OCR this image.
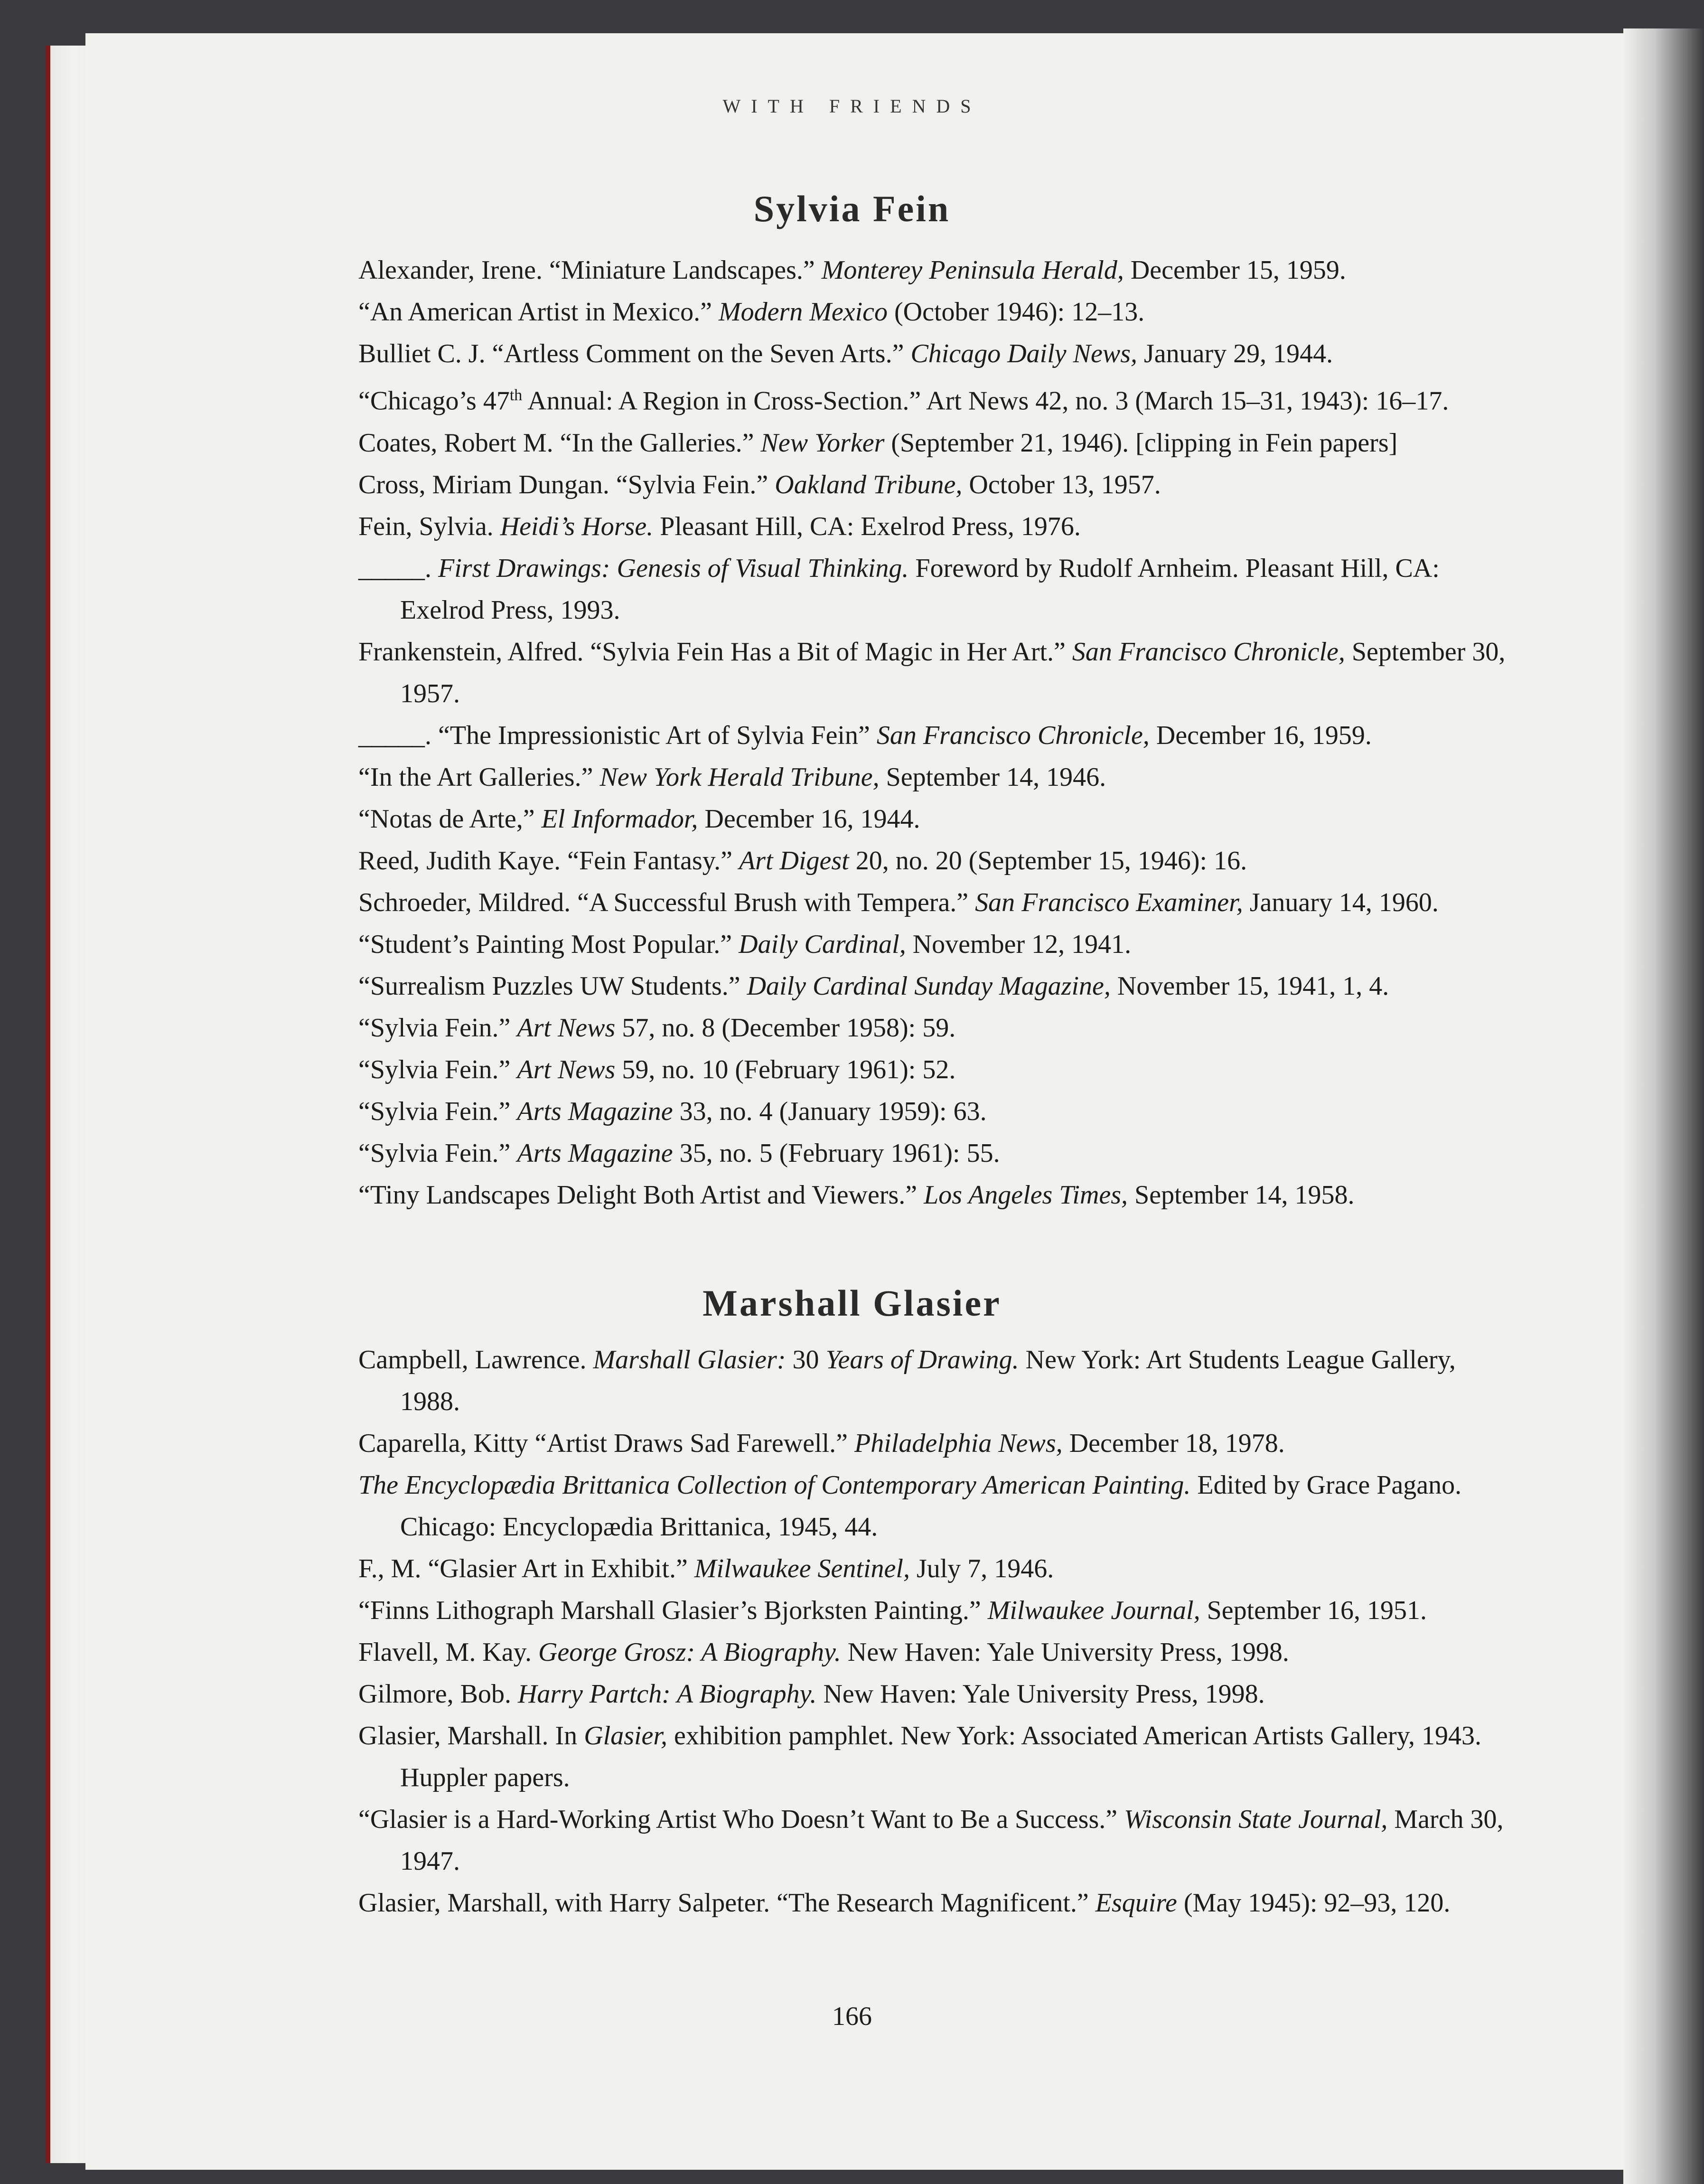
WITH FRIENDS
Sylvia Fein
Alexander, Irene. “Miniature Landscapes.” Monterey Peninsula Herald, December 15, 1959.
“An American Artist in Mexico.” Modern Mexico (October 1946): 12–13.
Bulliet C. J. “Artless Comment on the Seven Arts.” Chicago Daily News, January 29, 1944.
“Chicago’s 47th Annual: A Region in Cross-Section.” Art News 42, no. 3 (March 15–31, 1943): 16–17.
Coates, Robert M. “In the Galleries.” New Yorker (September 21, 1946). [clipping in Fein papers]
Cross, Miriam Dungan. “Sylvia Fein.” Oakland Tribune, October 13, 1957.
Fein, Sylvia. Heidi’s Horse. Pleasant Hill, CA: Exelrod Press, 1976.
_____. First Drawings: Genesis of Visual Thinking. Foreword by Rudolf Arnheim. Pleasant Hill, CA: Exelrod Press, 1993.
Frankenstein, Alfred. “Sylvia Fein Has a Bit of Magic in Her Art.” San Francisco Chronicle, September 30, 1957.
_____. “The Impressionistic Art of Sylvia Fein” San Francisco Chronicle, December 16, 1959.
“In the Art Galleries.” New York Herald Tribune, September 14, 1946.
“Notas de Arte,” El Informador, December 16, 1944.
Reed, Judith Kaye. “Fein Fantasy.” Art Digest 20, no. 20 (September 15, 1946): 16.
Schroeder, Mildred. “A Successful Brush with Tempera.” San Francisco Examiner, January 14, 1960.
“Student’s Painting Most Popular.” Daily Cardinal, November 12, 1941.
“Surrealism Puzzles UW Students.” Daily Cardinal Sunday Magazine, November 15, 1941, 1, 4.
“Sylvia Fein.” Art News 57, no. 8 (December 1958): 59.
“Sylvia Fein.” Art News 59, no. 10 (February 1961): 52.
“Sylvia Fein.” Arts Magazine 33, no. 4 (January 1959): 63.
“Sylvia Fein.” Arts Magazine 35, no. 5 (February 1961): 55.
“Tiny Landscapes Delight Both Artist and Viewers.” Los Angeles Times, September 14, 1958.
Marshall Glasier
Campbell, Lawrence. Marshall Glasier: 30 Years of Drawing. New York: Art Students League Gallery, 1988.
Caparella, Kitty “Artist Draws Sad Farewell.” Philadelphia News, December 18, 1978.
The Encyclopædia Brittanica Collection of Contemporary American Painting. Edited by Grace Pagano. Chicago: Encyclopædia Brittanica, 1945, 44.
F., M. “Glasier Art in Exhibit.” Milwaukee Sentinel, July 7, 1946.
“Finns Lithograph Marshall Glasier’s Bjorksten Painting.” Milwaukee Journal, September 16, 1951.
Flavell, M. Kay. George Grosz: A Biography. New Haven: Yale University Press, 1998.
Gilmore, Bob. Harry Partch: A Biography. New Haven: Yale University Press, 1998.
Glasier, Marshall. In Glasier, exhibition pamphlet. New York: Associated American Artists Gallery, 1943. Huppler papers.
“Glasier is a Hard-Working Artist Who Doesn’t Want to Be a Success.” Wisconsin State Journal, March 30, 1947.
Glasier, Marshall, with Harry Salpeter. “The Research Magnificent.” Esquire (May 1945): 92–93, 120.
166
